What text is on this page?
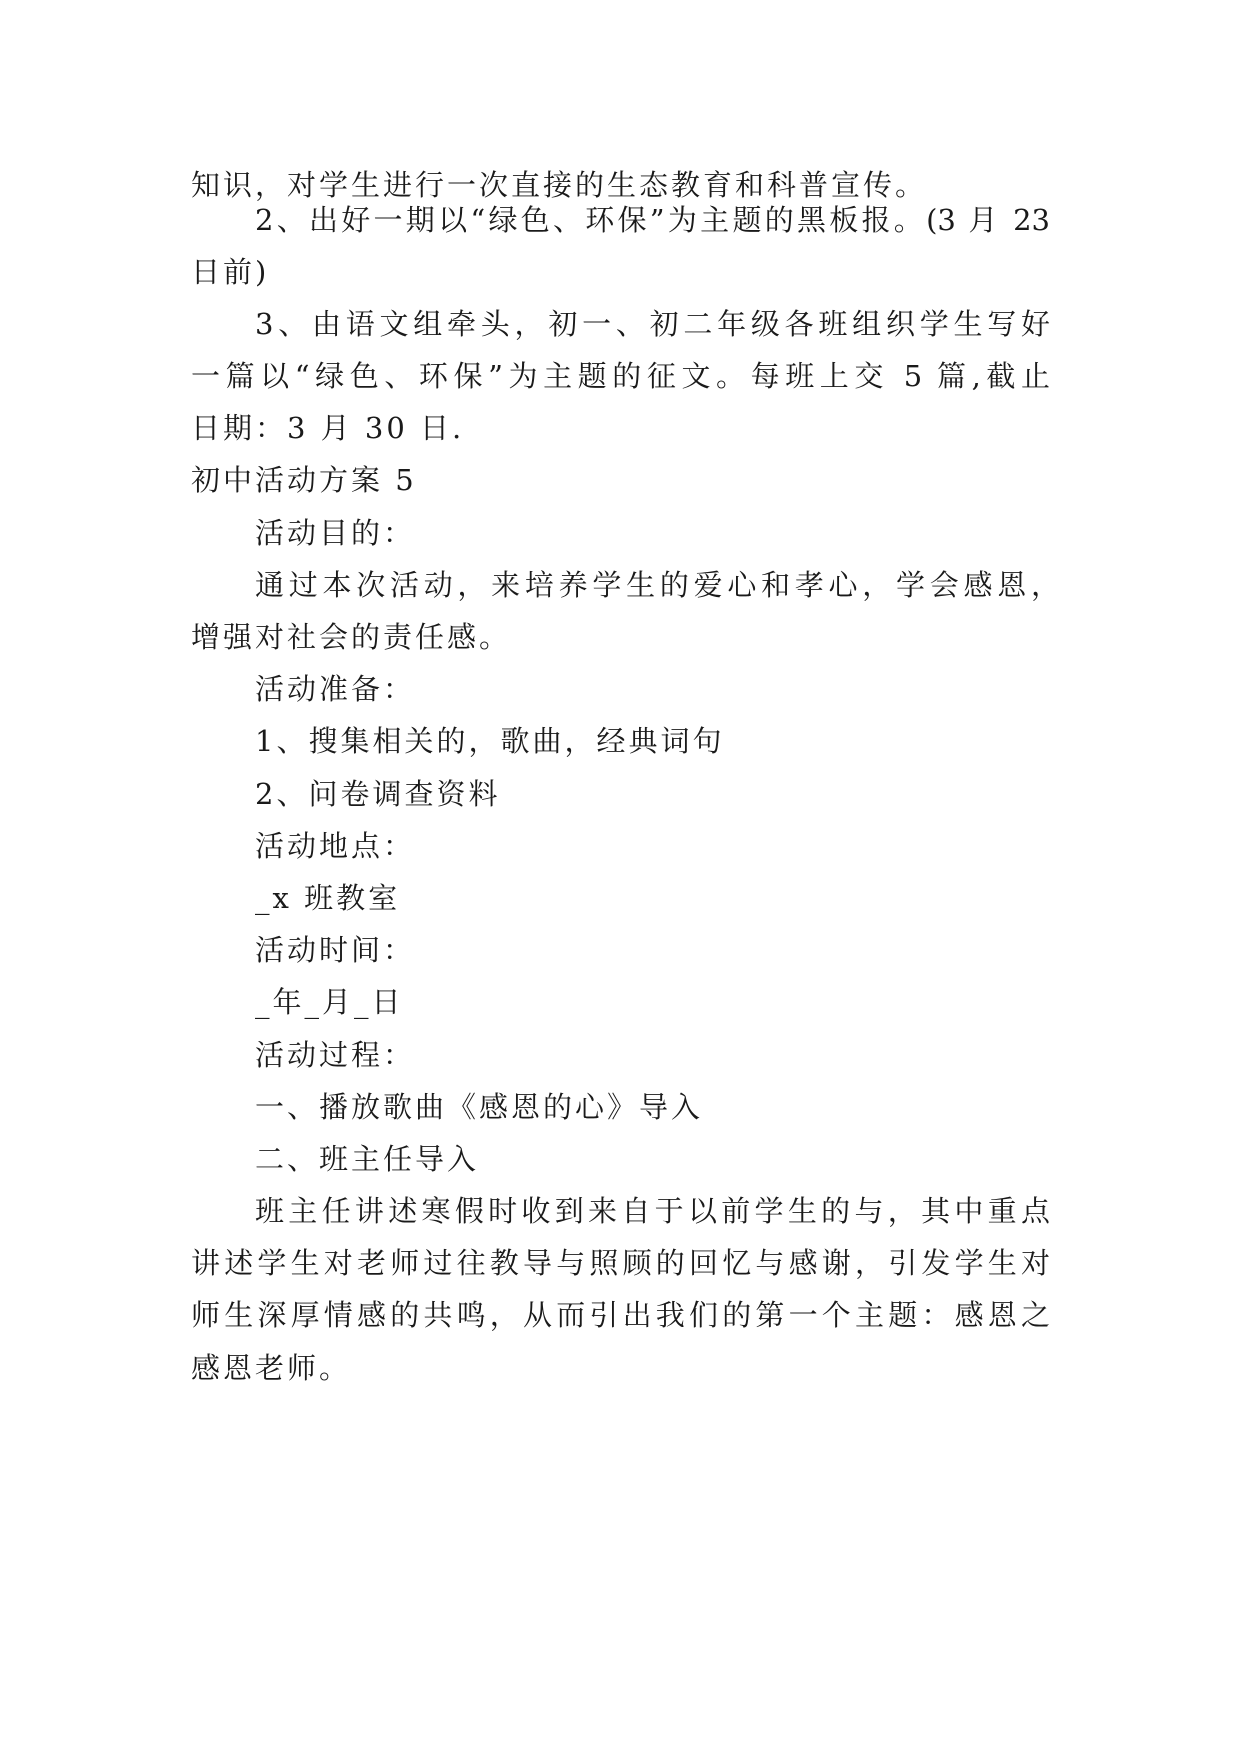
知识，对学生进行一次直接的生态教育和科普宣传。
2、出好一期以“绿色、环保”为主题的黑板报。(3 月 23
日前)
3、由语文组牵头，初一、初二年级各班组织学生写好
一篇以“绿色、环保”为主题的征文。每班上交 5 篇,截止
日期：3 月 30 日.
初中活动方案 5
活动目的：
通过本次活动，来培养学生的爱心和孝心，学会感恩，
增强对社会的责任感。
活动准备：
1、搜集相关的，歌曲，经典词句
2、问卷调查资料
活动地点：
_x 班教室
活动时间：
_年_月_日
活动过程：
一、播放歌曲《感恩的心》导入
二、班主任导入
班主任讲述寒假时收到来自于以前学生的与，其中重点
讲述学生对老师过往教导与照顾的回忆与感谢，引发学生对
师生深厚情感的共鸣，从而引出我们的第一个主题：感恩之
感恩老师。
